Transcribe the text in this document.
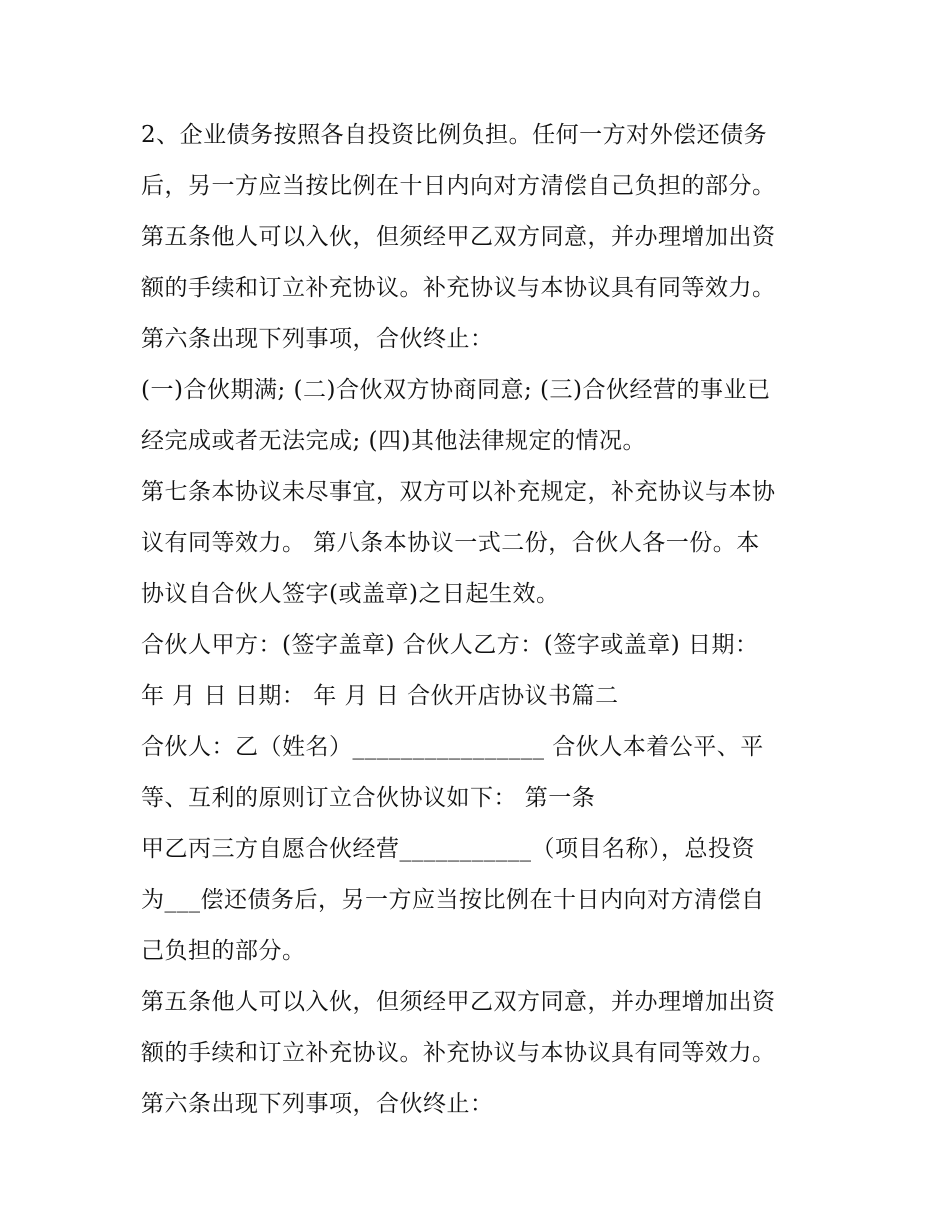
2、企业债务按照各自投资比例负担。任何一方对外偿还债务
后，另一方应当按比例在十日内向对方清偿自己负担的部分。
第五条他人可以入伙，但须经甲乙双方同意，并办理增加出资
额的手续和订立补充协议。补充协议与本协议具有同等效力。
第六条出现下列事项，合伙终止：
(一)合伙期满; (二)合伙双方协商同意; (三)合伙经营的事业已
经完成或者无法完成; (四)其他法律规定的情况。
第七条本协议未尽事宜，双方可以补充规定，补充协议与本协
议有同等效力。 第八条本协议一式二份，合伙人各一份。本
协议自合伙人签字(或盖章)之日起生效。
合伙人甲方：(签字盖章) 合伙人乙方：(签字或盖章) 日期：
年 月 日 日期： 年 月 日 合伙开店协议书篇二
合伙人：乙（姓名）________________ 合伙人本着公平、平
等、互利的原则订立合伙协议如下： 第一条
甲乙丙三方自愿合伙经营___________（项目名称），总投资
为___偿还债务后，另一方应当按比例在十日内向对方清偿自
己负担的部分。
第五条他人可以入伙，但须经甲乙双方同意，并办理增加出资
额的手续和订立补充协议。补充协议与本协议具有同等效力。
第六条出现下列事项，合伙终止：
